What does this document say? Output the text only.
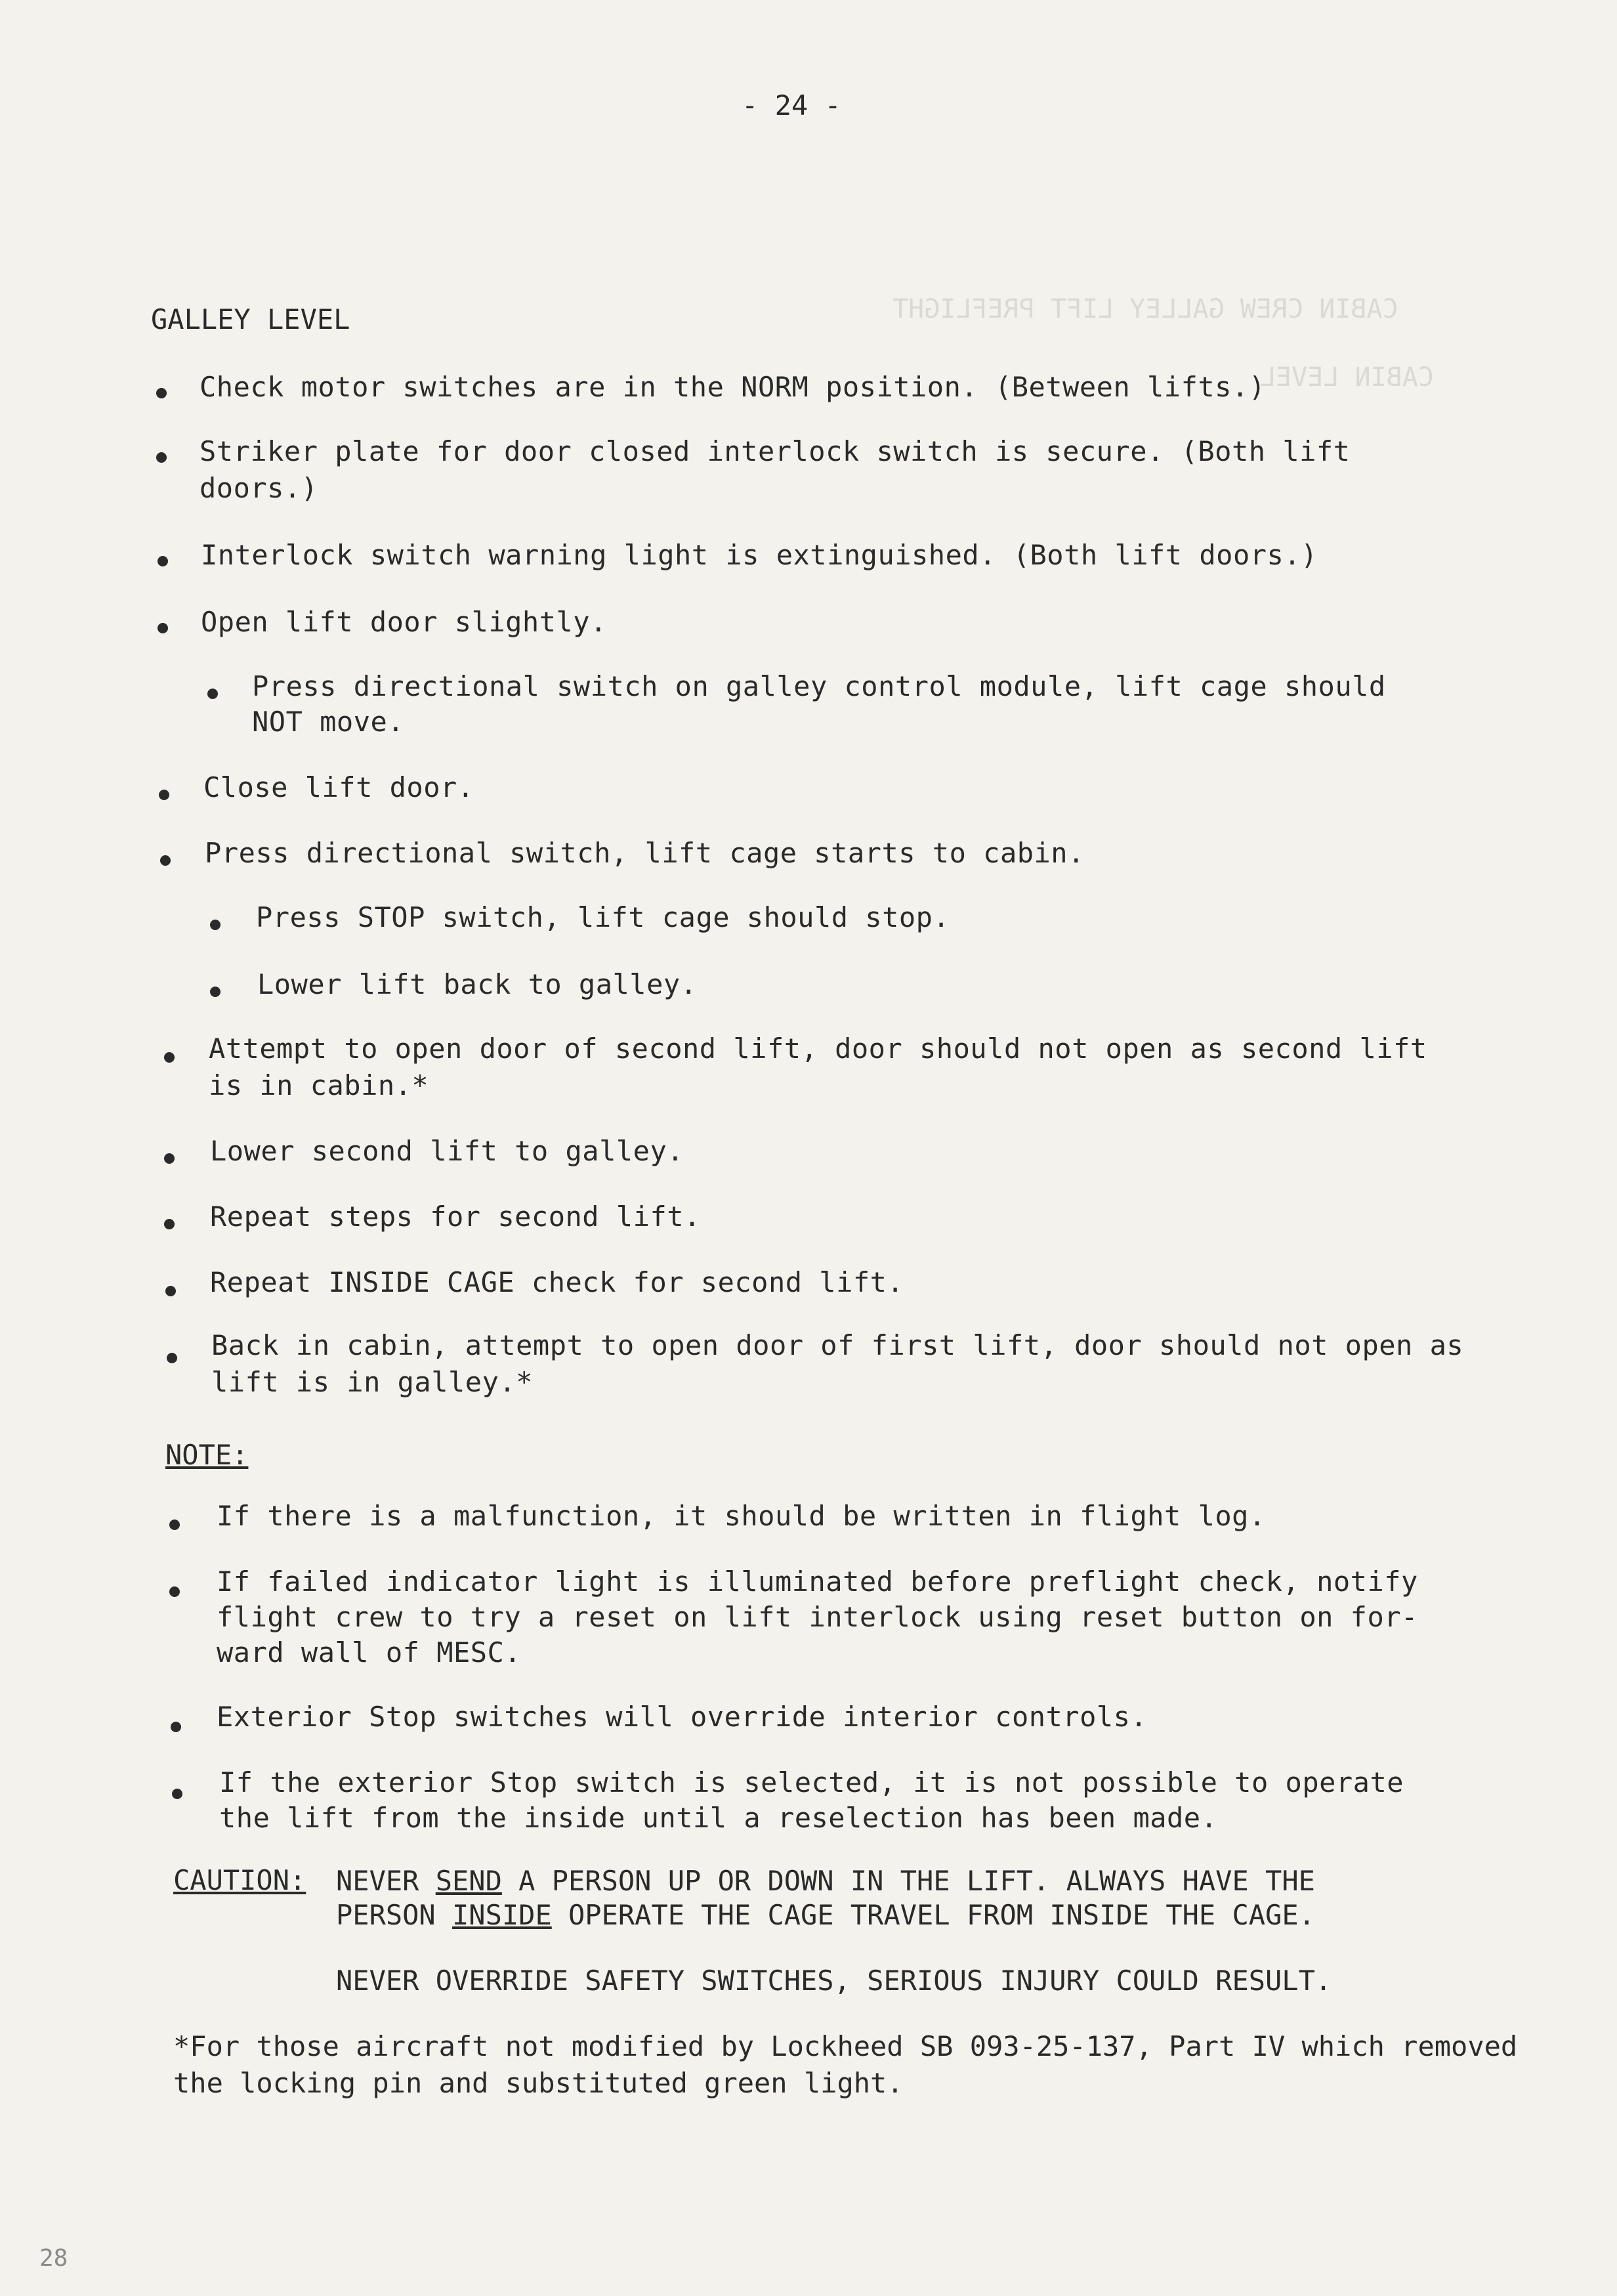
- 24 -
GALLEY LEVEL	CABIN CREW GALLEY LIFT PREFLIGHT
CABIN LEVEL
Check motor switches are in the NORM position. (Between lifts.)
Striker plate for door closed interlock switch is secure. (Both lift
doors.)
Interlock switch warning light is extinguished. (Both lift doors.)
Open lift door slightly.
Press directional switch on galley control module, lift cage should
NOT move.
Close lift door.
Press directional switch, lift cage starts to cabin.
Press STOP switch, lift cage should stop.
Lower lift back to galley.
Attempt to open door of second lift, door should not open as second lift
is in cabin.*
Lower second lift to galley.
Repeat steps for second lift.
Repeat INSIDE CAGE check for second lift.
Back in cabin, attempt to open door of first lift, door should not open as
lift is in galley.*
NOTE:
If there is a malfunction, it should be written in flight log.
If failed indicator light is illuminated before preflight check, notify
flight crew to try a reset on lift interlock using reset button on for-
ward wall of MESC.
Exterior Stop switches will override interior controls.
If the exterior Stop switch is selected, it is not possible to operate
the lift from the inside until a reselection has been made.
CAUTION: NEVER SEND A PERSON UP OR DOWN IN THE LIFT. ALWAYS HAVE THE
PERSON INSIDE OPERATE THE CAGE TRAVEL FROM INSIDE THE CAGE.
NEVER OVERRIDE SAFETY SWITCHES, SERIOUS INJURY COULD RESULT.
*For those aircraft not modified by Lockheed SB 093-25-137, Part IV which removed
the locking pin and substituted green light.
28
